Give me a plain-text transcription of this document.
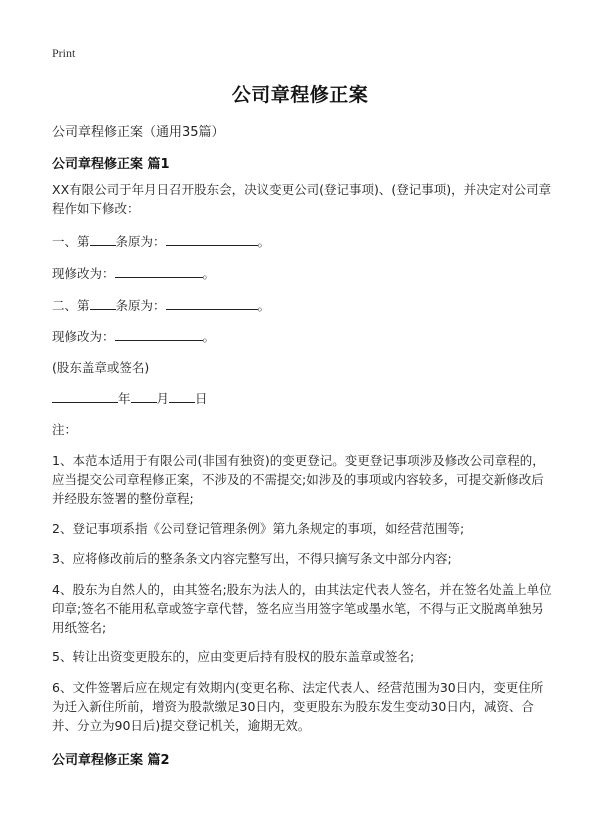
Print
公司章程修正案
公司章程修正案（通用35篇）
公司章程修正案 篇1

XX有限公司于年月日召开股东会，决议变更公司(登记事项)、(登记事项)，并决定对公司章程作如下修改：

一、第 条原为：	。

现修改为：	。

二、第 条原为：	。

现修改为：	。

(股东盖章或签名)

年 月 日

注：

1、本范本适用于有限公司(非国有独资)的变更登记。变更登记事项涉及修改公司章程的，应当提交公司章程修正案，不涉及的不需提交;如涉及的事项或内容较多，可提交新修改后并经股东签署的整份章程;

2、登记事项系指《公司登记管理条例》第九条规定的事项，如经营范围等;

3、应将修改前后的整条条文内容完整写出，不得只摘写条文中部分内容;

4、股东为自然人的，由其签名;股东为法人的，由其法定代表人签名，并在签名处盖上单位印章;签名不能用私章或签字章代替，签名应当用签字笔或墨水笔，不得与正文脱离单独另用纸签名;

5、转让出资变更股东的，应由变更后持有股权的股东盖章或签名;

6、文件签署后应在规定有效期内(变更名称、法定代表人、经营范围为30日内，变更住所为迁入新住所前，增资为股款缴足30日内，变更股东为股东发生变动30日内，减资、合并、分立为90日后)提交登记机关，逾期无效。

公司章程修正案 篇2
